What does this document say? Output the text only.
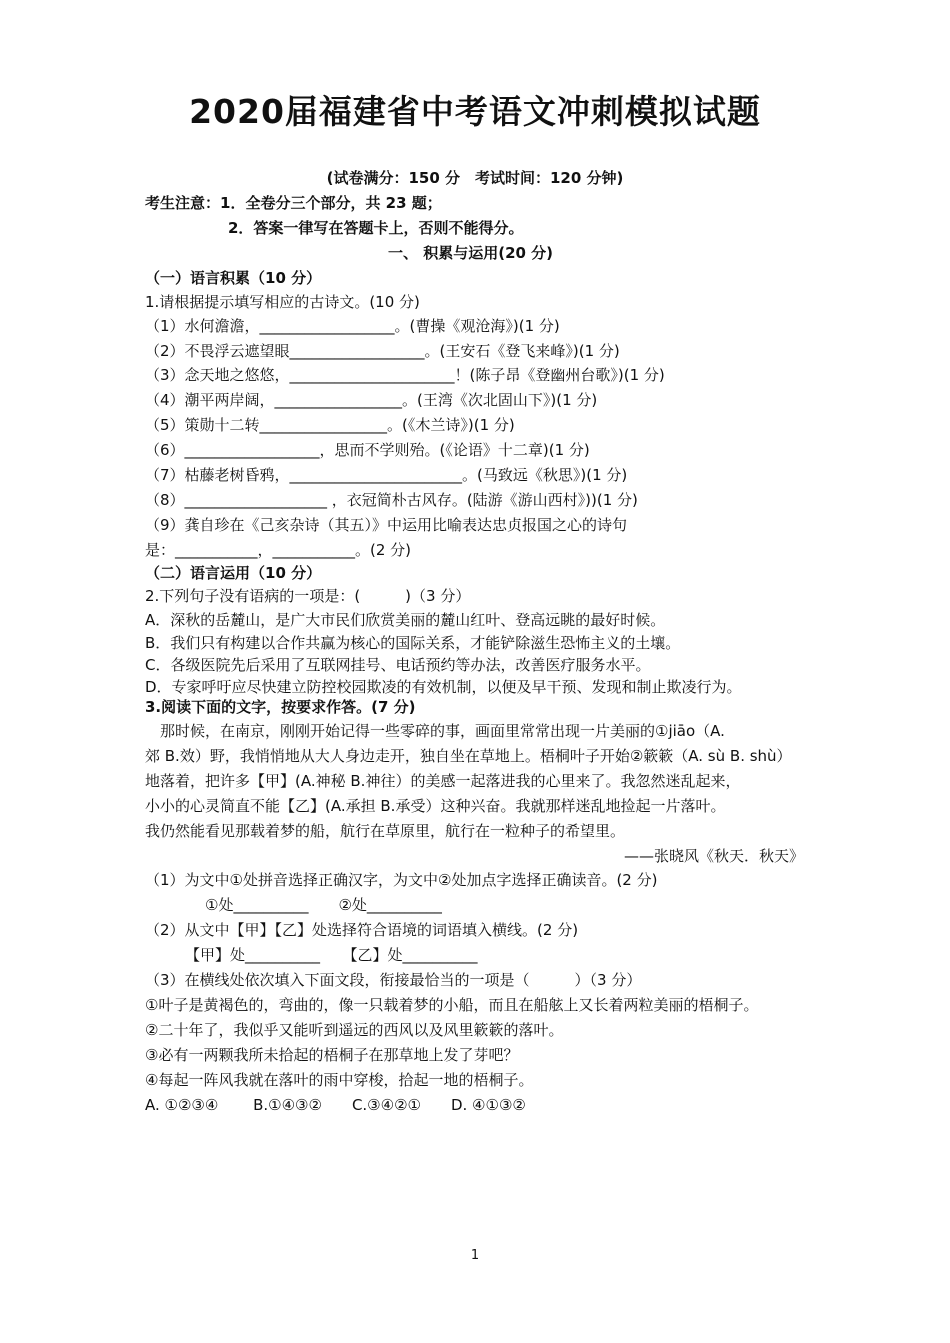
2020届福建省中考语文冲刺模拟试题
(试卷满分：150 分　考试时间：120 分钟)
考生注意：1．全卷分三个部分，共 23 题；
2．答案一律写在答题卡上，否则不能得分。
一、 积累与运用(20 分)
（一）语言积累（10 分）
1.请根据提示填写相应的古诗文。(10 分)
（1）水何澹澹，__________________。(曹操《观沧海》)(1 分)
（2）不畏浮云遮望眼__________________。(王安石《登飞来峰》)(1 分)
（3）念天地之悠悠，______________________！(陈子昂《登幽州台歌》)(1 分)
（4）潮平两岸阔，_________________。(王湾《次北固山下》)(1 分)
（5）策勋十二转_________________。(《木兰诗》)(1 分)
（6）__________________，思而不学则殆。(《论语》十二章)(1 分)
（7）枯藤老树昏鸦，_______________________。(马致远《秋思》)(1 分)
（8）___________________ ，衣冠简朴古风存。(陆游《游山西村》))(1 分)
（9）龚自珍在《己亥杂诗（其五）》中运用比喻表达忠贞报国之心的诗句
是：___________，___________。(2 分)
（二）语言运用（10 分）
2.下列句子没有语病的一项是：(　　　)（3 分）
A．深秋的岳麓山，是广大市民们欣赏美丽的麓山红叶、登高远眺的最好时候。
B．我们只有构建以合作共赢为核心的国际关系，才能铲除滋生恐怖主义的土壤。
C．各级医院先后采用了互联网挂号、电话预约等办法，改善医疗服务水平。
D．专家呼吁应尽快建立防控校园欺凌的有效机制，以便及早干预、发现和制止欺凌行为。
3.阅读下面的文字，按要求作答。(7 分)
　那时候，在南京，刚刚开始记得一些零碎的事，画面里常常出现一片美丽的①jiāo（A.
郊 B.效）野，我悄悄地从大人身边走开，独自坐在草地上。梧桐叶子开始②簌簌（A. sù B. shù）
地落着，把许多【甲】(A.神秘 B.神往）的美感一起落进我的心里来了。我忽然迷乱起来，
小小的心灵简直不能【乙】(A.承担 B.承受）这种兴奋。我就那样迷乱地捡起一片落叶。
我仍然能看见那载着梦的船，航行在草原里，航行在一粒种子的希望里。
——张晓风《秋天．秋天》
（1）为文中①处拼音选择正确汉字，为文中②处加点字选择正确读音。(2 分)
①处__________　　②处__________
（2）从文中【甲】【乙】处选择符合语境的词语填入横线。(2 分)
【甲】处__________　　【乙】处__________
（3）在横线处依次填入下面文段，衔接最恰当的一项是（　　　）（3 分）
①叶子是黄褐色的，弯曲的，像一只载着梦的小船，而且在船舷上又长着两粒美丽的梧桐子。
②二十年了，我似乎又能听到遥远的西风以及风里簌簌的落叶。
③必有一两颗我所未拾起的梧桐子在那草地上发了芽吧？
④每起一阵风我就在落叶的雨中穿梭，拾起一地的梧桐子。
A. ①②③④　　 B.①④③②　　C.③④②①　　D. ④①③②
1
